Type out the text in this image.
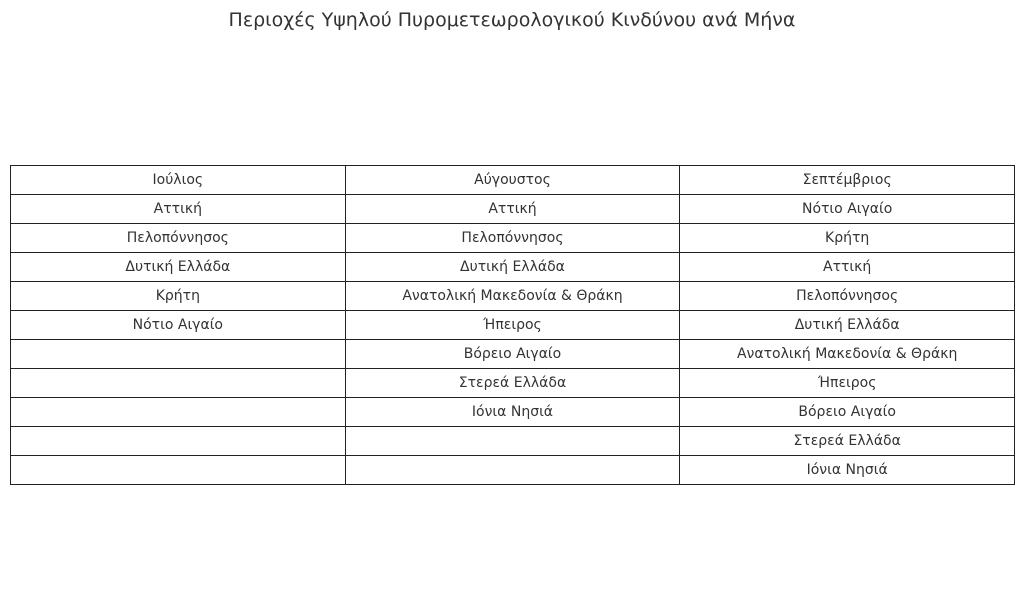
Περιοχές Υψηλού Πυρομετεωρολογικού Κινδύνου ανά Μήνα
Ιούλιος	Αύγουστος	Σεπτέμβριος
Αττική	Αττική	Νότιο Αιγαίο
Πελοπόννησος	Πελοπόννησος	Κρήτη
Δυτική Ελλάδα	Δυτική Ελλάδα	Αττική
Κρήτη	Ανατολική Μακεδονία & Θράκη	Πελοπόννησος
Νότιο Αιγαίο	Ήπειρος	Δυτική Ελλάδα
	Βόρειο Αιγαίο	Ανατολική Μακεδονία & Θράκη
	Στερεά Ελλάδα	Ήπειρος
	Ιόνια Νησιά	Βόρειο Αιγαίο
		Στερεά Ελλάδα
		Ιόνια Νησιά
